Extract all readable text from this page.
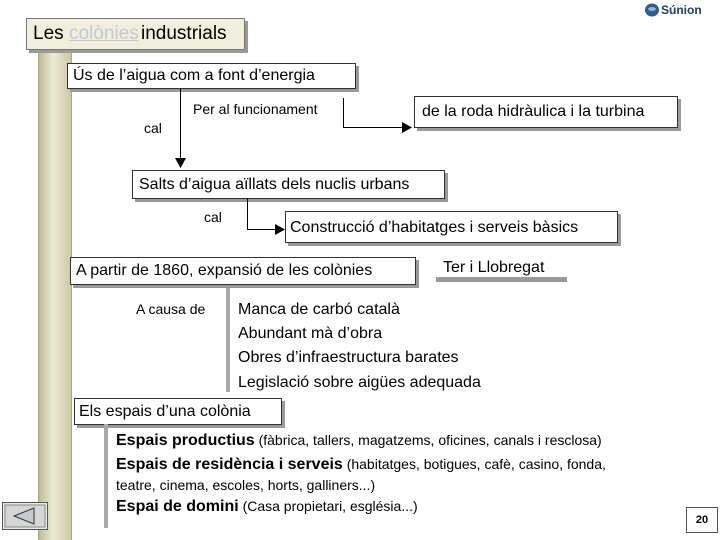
Súnion
Les colònies industrials
Ús de l’aigua com a font d’energia
cal
Per al funcionament	de la roda hidràulica i la turbina
Salts d’aigua aïllats dels nuclis urbans
cal
Construcció d’habitatges i serveis bàsics
A partir de 1860, expansió de les colònies	Ter i Llobregat
A causa de Manca de carbó català
Abundant mà d’obra
Obres d’infraestructura barates
Legislació sobre aigües adequada
Els espais d’una colònia
Espais productius (fàbrica, tallers, magatzems, oficines, canals i resclosa)
Espais de residència i serveis (habitatges, botigues, cafè, casino, fonda,
teatre, cinema, escoles, horts, galliners...)
Espai de domini (Casa propietari, església...)
20
